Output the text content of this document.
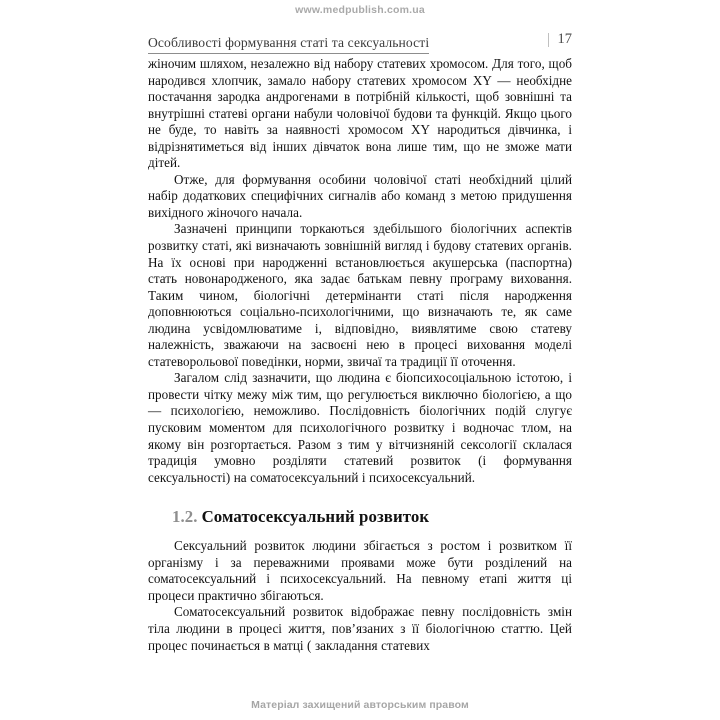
www.medpublish.com.ua
Особливості формування статі та сексуальності	17

жіночим шляхом, незалежно від набору статевих хромосом. Для того, щоб народився хлопчик, замало набору статевих хромосом XY — необхідне постачання зародка андрогенами в потрібній кількості, щоб зовнішні та внутрішні статеві органи набули чоловічої будови та функцій. Якщо цього не буде, то навіть за наявності хромосом XY народиться дівчинка, і відрізнятиметься від інших дівчаток вона лише тим, що не зможе мати дітей.

Отже, для формування особини чоловічої статі необхідний цілий набір додаткових специфічних сигналів або команд з метою придушення вихідного жіночого начала.

Зазначені принципи торкаються здебільшого біологічних аспектів розвитку статі, які визначають зовнішній вигляд і будову статевих органів. На їх основі при народженні встановлюється акушерська (паспортна) стать новонародженого, яка задає батькам певну програму виховання. Таким чином, біологічні детермінанти статі після народження доповнюються соціально-психологічними, що визначають те, як саме людина усвідомлюватиме і, відповідно, виявлятиме свою статеву належність, зважаючи на засвоєні нею в процесі виховання моделі статеворольової поведінки, норми, звичаї та традиції її оточення.

Загалом слід зазначити, що людина є біопсихосоціальною істотою, і провести чітку межу між тим, що регулюється виключно біологією, а що — психологією, неможливо. Послідовність біологічних подій слугує пусковим моментом для психологічного розвитку і водночас тлом, на якому він розгортається. Разом з тим у вітчизняній сексології склалася традиція умовно розділяти статевий розвиток (і формування сексуальності) на соматосексуальний і психосексуальний.

1.2. Соматосексуальний розвиток

Сексуальний розвиток людини збігається з ростом і розвитком її організму і за переважними проявами може бути розділений на соматосексуальний і психосексуальний. На певному етапі життя ці процеси практично збігаються.

Соматосексуальний розвиток відображає певну послідовність змін тіла людини в процесі життя, пов’язаних з її біологічною статтю. Цей процес починається в матці ( закладання статевих

Матеріал захищений авторським правом
